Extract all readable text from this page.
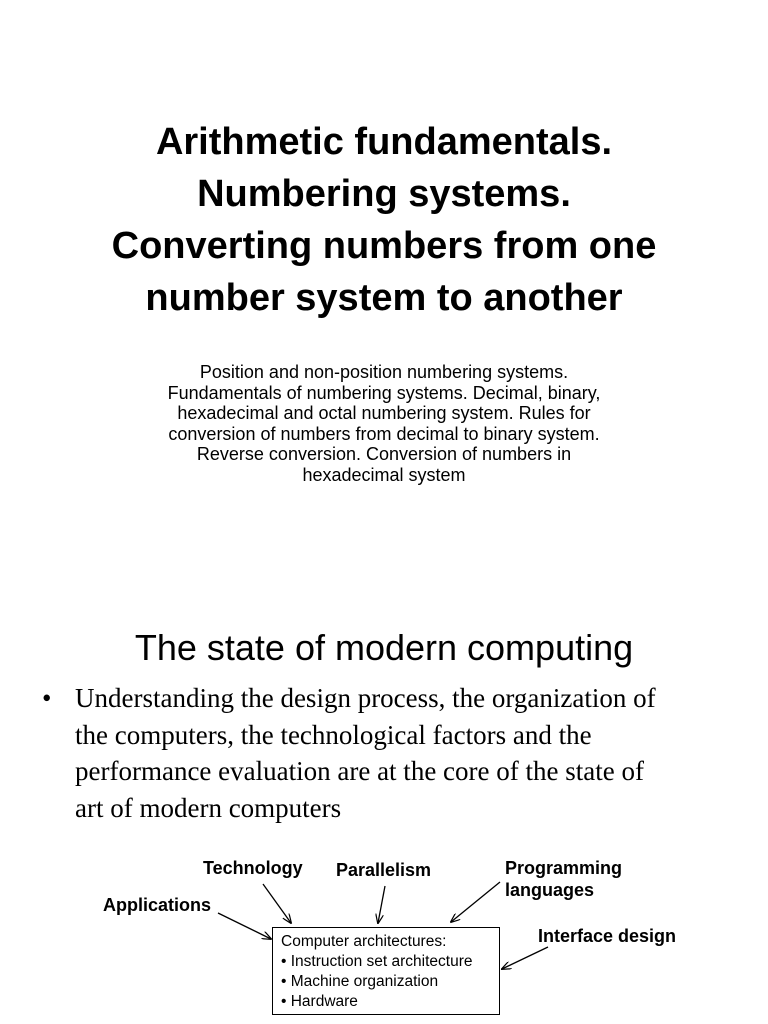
Arithmetic fundamentals.
Numbering systems.
Converting numbers from one
number system to another

Position and non-position numbering systems.
Fundamentals of numbering systems. Decimal, binary,
hexadecimal and octal numbering system. Rules for
conversion of numbers from decimal to binary system.
Reverse conversion. Conversion of numbers in
hexadecimal system

The state of modern computing
• Understanding the design process, the organization of
the computers, the technological factors and the
performance evaluation are at the core of the state of
art of modern computers
Technology Parallelism	Programming
languages
Applications
Interface design
Computer architectures:
• Instruction set architecture
• Machine organization
• Hardware
